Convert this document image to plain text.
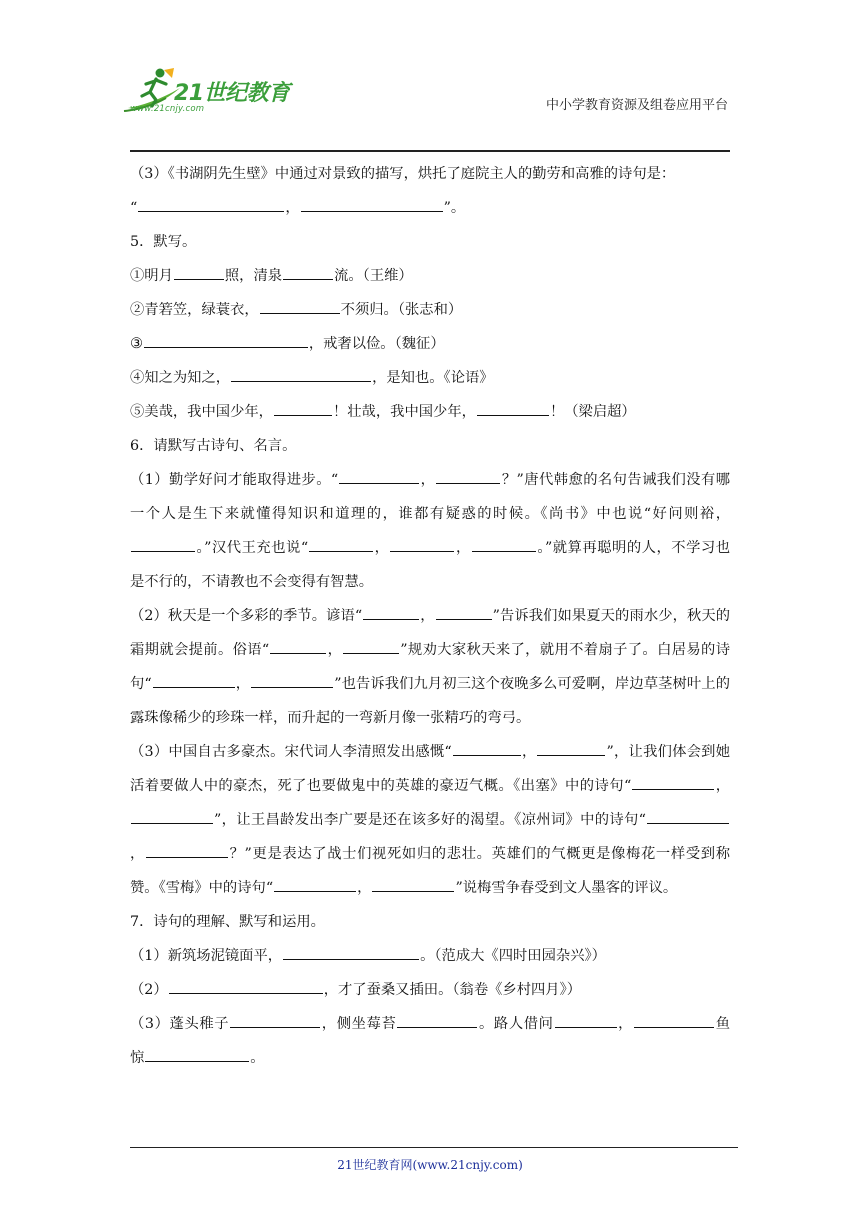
21世纪教育
www.21cnjy.com	中小学教育资源及组卷应用平台

（3）《书湖阴先生壁》中通过对景致的描写，烘托了庭院主人的勤劳和高雅的诗句是：

“	，	”。

5．默写。

①明月	照，清泉	流。（王维）

②青箬笠，绿蓑衣，	不须归。（张志和）

③	，戒奢以俭。（魏征）

④知之为知之，	，是知也。《论语》

⑤美哉，我中国少年，	！壮哉，我中国少年，	！（梁启超）

6．请默写古诗句、名言。

（1）勤学好问才能取得进步。“	，	？”唐代韩愈的名句告诫我们没有哪一个人是生下来就懂得知识和道理的，谁都有疑惑的时候。《尚书》中也说“好问则裕，。”汉代王充也说“	，	，	。”就算再聪明的人，不学习也是不行的，不请教也不会变得有智慧。

（2）秋天是一个多彩的季节。谚语“	，	”告诉我们如果夏天的雨水少，秋天的霜期就会提前。俗语“	，	”规劝大家秋天来了，就用不着扇子了。白居易的诗句“	，	”也告诉我们九月初三这个夜晚多么可爱啊，岸边草茎树叶上的露珠像稀少的珍珠一样，而升起的一弯新月像一张精巧的弯弓。

（3）中国自古多豪杰。宋代词人李清照发出感慨“	，	”，让我们体会到她活着要做人中的豪杰，死了也要做鬼中的英雄的豪迈气概。《出塞》中的诗句“	，”，让王昌龄发出李广要是还在该多好的渴望。《凉州词》中的诗句“，	？”更是表达了战士们视死如归的悲壮。英雄们的气概更是像梅花一样受到称赞。《雪梅》中的诗句“	，	”说梅雪争春受到文人墨客的评议。

7．诗句的理解、默写和运用。

（1）新筑场泥镜面平，	。（范成大《四时田园杂兴》）

（2）	，才了蚕桑又插田。（翁卷《乡村四月》）

（3）蓬头稚子	，侧坐莓苔	。路人借问	，	鱼惊	。

21世纪教育网(www.21cnjy.com)
